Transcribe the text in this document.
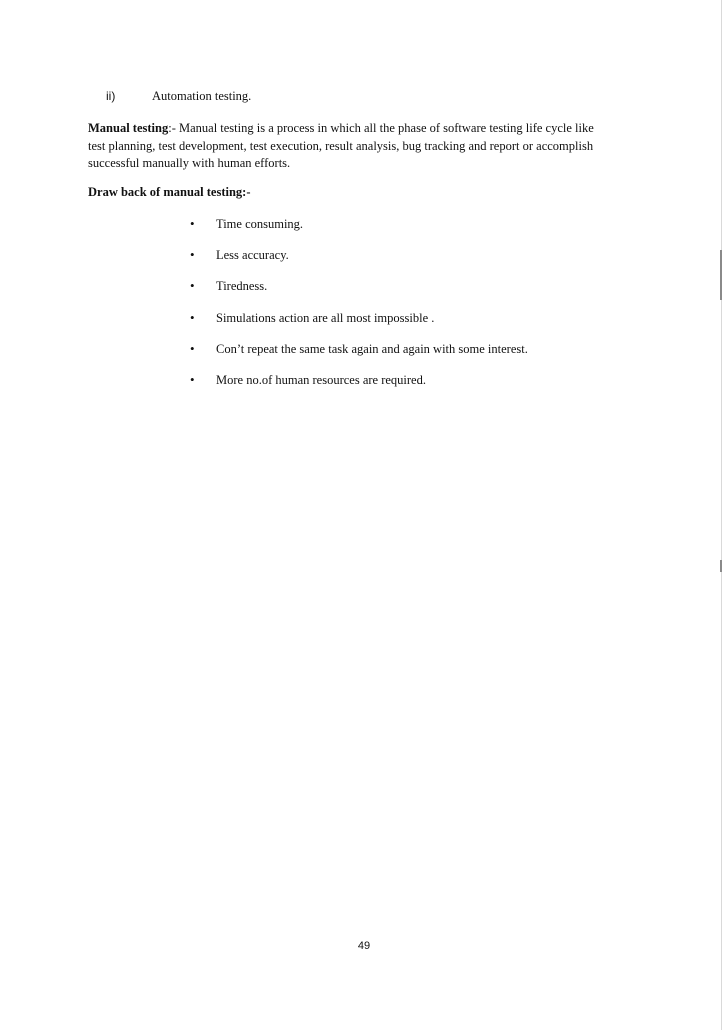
ii)	Automation testing.
Manual testing:- Manual testing is a process in which all the phase of software testing life cycle like
test planning, test development, test execution, result analysis, bug tracking and report or accomplish
successful manually with human efforts.
Draw back of manual testing:-
•	Time consuming.
•	Less accuracy.
•	Tiredness.
•	Simulations action are all most impossible .
•	Con’t repeat the same task again and again with some interest.
•	More no.of human resources are required.
49
